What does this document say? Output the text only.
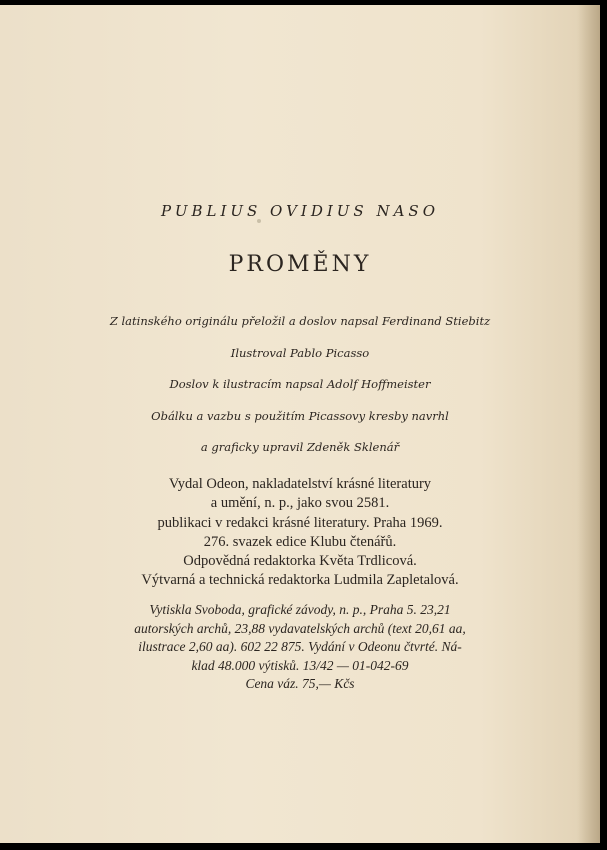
PUBLIUS OVIDIUS NASO
PROMĚNY
Z latinského originálu přeložil a doslov napsal Ferdinand Stiebitz
Ilustroval Pablo Picasso
Doslov k ilustracím napsal Adolf Hoffmeister
Obálku a vazbu s použitím Picassovy kresby navrhl
a graficky upravil Zdeněk Sklenář
Vydal Odeon, nakladatelství krásné literatury
a umění, n. p., jako svou 2581.
publikaci v redakci krásné literatury. Praha 1969.
276. svazek edice Klubu čtenářů.
Odpovědná redaktorka Květa Trdlicová.
Výtvarná a technická redaktorka Ludmila Zapletalová.
Vytiskla Svoboda, grafické závody, n. p., Praha 5. 23,21
autorských archů, 23,88 vydavatelských archů (text 20,61 aa,
ilustrace 2,60 aa). 602 22 875. Vydání v Odeonu čtvrté. Ná-
klad 48.000 výtisků. 13/42 — 01-042-69
Cena váz. 75,— Kčs
